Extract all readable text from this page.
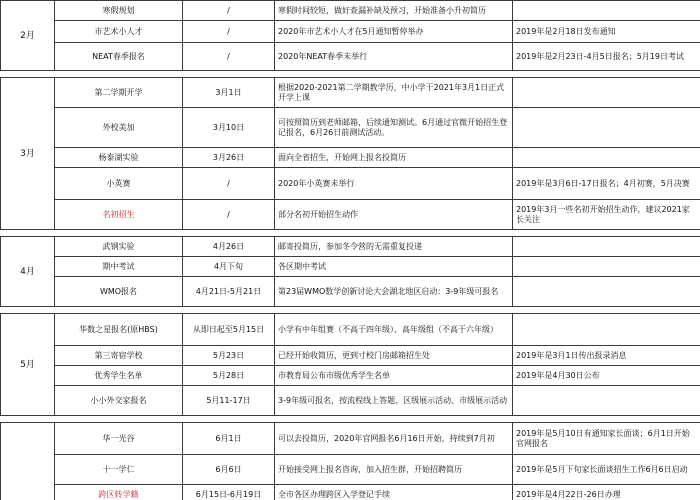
2月	寒假规划	/	寒假时间较短，做好查漏补缺及预习，开始准备小升初简历	
	市艺术小人才	/	2020年市艺术小人才在5月通知暂停举办	2019年是2月18日发布通知
	NEAT春季报名	/	2020年NEAT春季未举行	2019年是2月23日-4月5日报名；5月19日考试

3月	第二学期开学	3月1日	根据2020-2021第二学期教学历，中小学于2021年3月1日正式开学上课	
	外校美加	3月10日	可按照简历到老师邮箱，后续通知测试。6月通过官微开始招生登记报名，6月26日前测试活动。	
	杨泰湖实验	3月26日	面向全省招生，开始网上报名投简历	
	小英赛	/	2020年小英赛未举行	2019年是3月6日-17日报名；4月初赛，5月决赛
	名初招生	/	部分名初开始招生动作	2019年3月一些名初开始招生动作，建议2021家长关注

4月	武钢实验	4月26日	邮寄投简历，参加冬令营的无需重复投递	
	期中考试	4月下旬	各区期中考试	
	WMO报名	4月21日-5月21日	第23届WMO数学创新讨论大会湖北地区启动：3-9年级可报名	

5月	华数之星报名(原HBS)	从即日起至5月15日	小学有中年组赛（不高于四年级）、高年级组（不高于六年级）	
	第三寄宿学校	5月23日	已经开始收简历，更到寸校门房邮箱招生处	2019年是3月1日传出报录消息
	优秀学生名单	5月28日	市教育局公布市级优秀学生名单	2019年是4月30日公布
	小小外交家报名	5月11-17日	3-9年级可报名，按流程线上答题、区级展示活动、市级展示活动	

	华一光谷	6月1日	可以去投简历，2020年官网报名6月16日开始，持续到7月初	2019年是5月10日有通知家长面谈；6月1日开始官网报名
	十一学仁	6月6日	开始接受网上报名咨询，加入招生群，开始招聘简历	2019年是5月下旬家长面谈招生工作6月6日启动
	跨区转学籍	6月15日-6月19日	全市各区办理跨区入学登记手续	2019年是4月22日-26日办理
